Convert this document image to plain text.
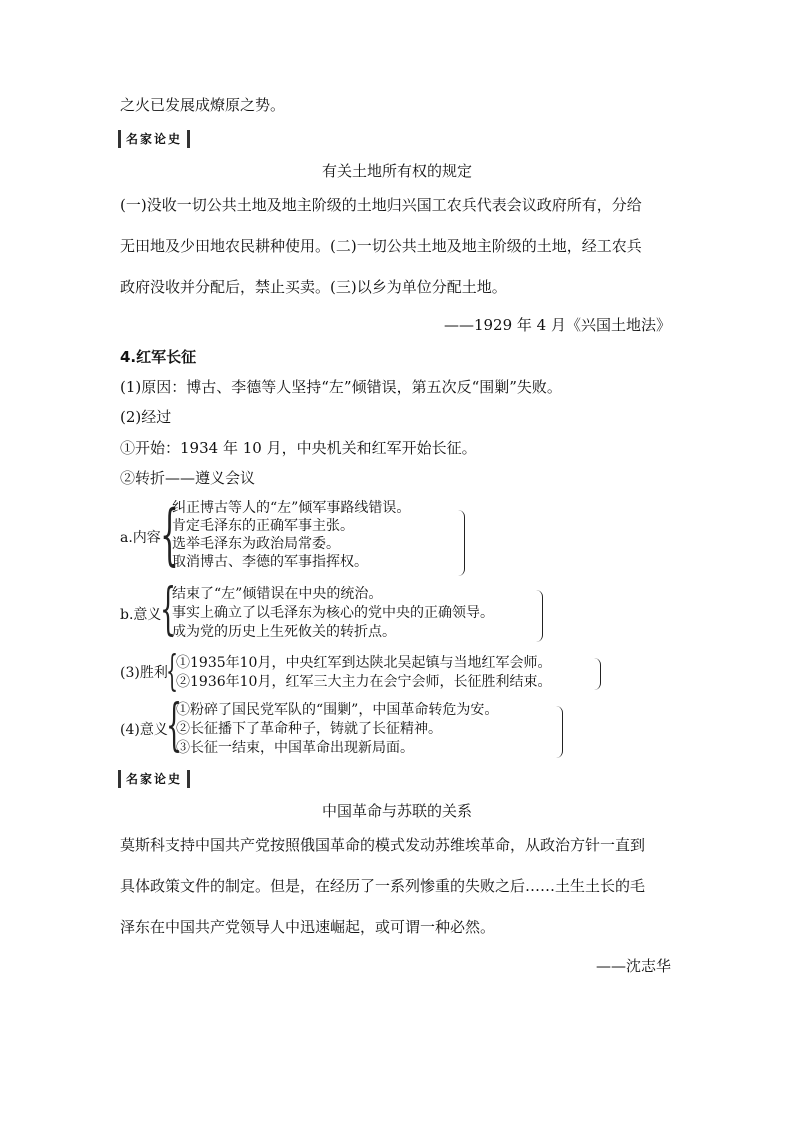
之火已发展成燎原之势。
名家论史
有关土地所有权的规定
(一)没收一切公共土地及地主阶级的土地归兴国工农兵代表会议政府所有，分给
无田地及少田地农民耕种使用。(二)一切公共土地及地主阶级的土地，经工农兵
政府没收并分配后，禁止买卖。(三)以乡为单位分配土地。
——1929 年 4 月《兴国土地法》
4.红军长征
(1)原因：博古、李德等人坚持“左”倾错误，第五次反“围剿”失败。
(2)经过
①开始：1934 年 10 月，中央机关和红军开始长征。
②转折——遵义会议
a.内容 {
纠正博古等人的“左”倾军事路线错误。
肯定毛泽东的正确军事主张。
选举毛泽东为政治局常委。
取消博古、李德的军事指挥权。
b.意义
{
结束了“左”倾错误在中央的统治。
事实上确立了以毛泽东为核心的党中央的正确领导。
成为党的历史上生死攸关的转折点。
(3)胜利
{
①1935年10月，中央红军到达陕北吴起镇与当地红军会师。
②1936年10月，红军三大主力在会宁会师，长征胜利结束。
(4)意义
{
①粉碎了国民党军队的“围剿”，中国革命转危为安。
②长征播下了革命种子，铸就了长征精神。
③长征一结束，中国革命出现新局面。
名家论史
中国革命与苏联的关系
莫斯科支持中国共产党按照俄国革命的模式发动苏维埃革命，从政治方针一直到
具体政策文件的制定。但是，在经历了一系列惨重的失败之后……土生土长的毛
泽东在中国共产党领导人中迅速崛起，或可谓一种必然。
——沈志华
